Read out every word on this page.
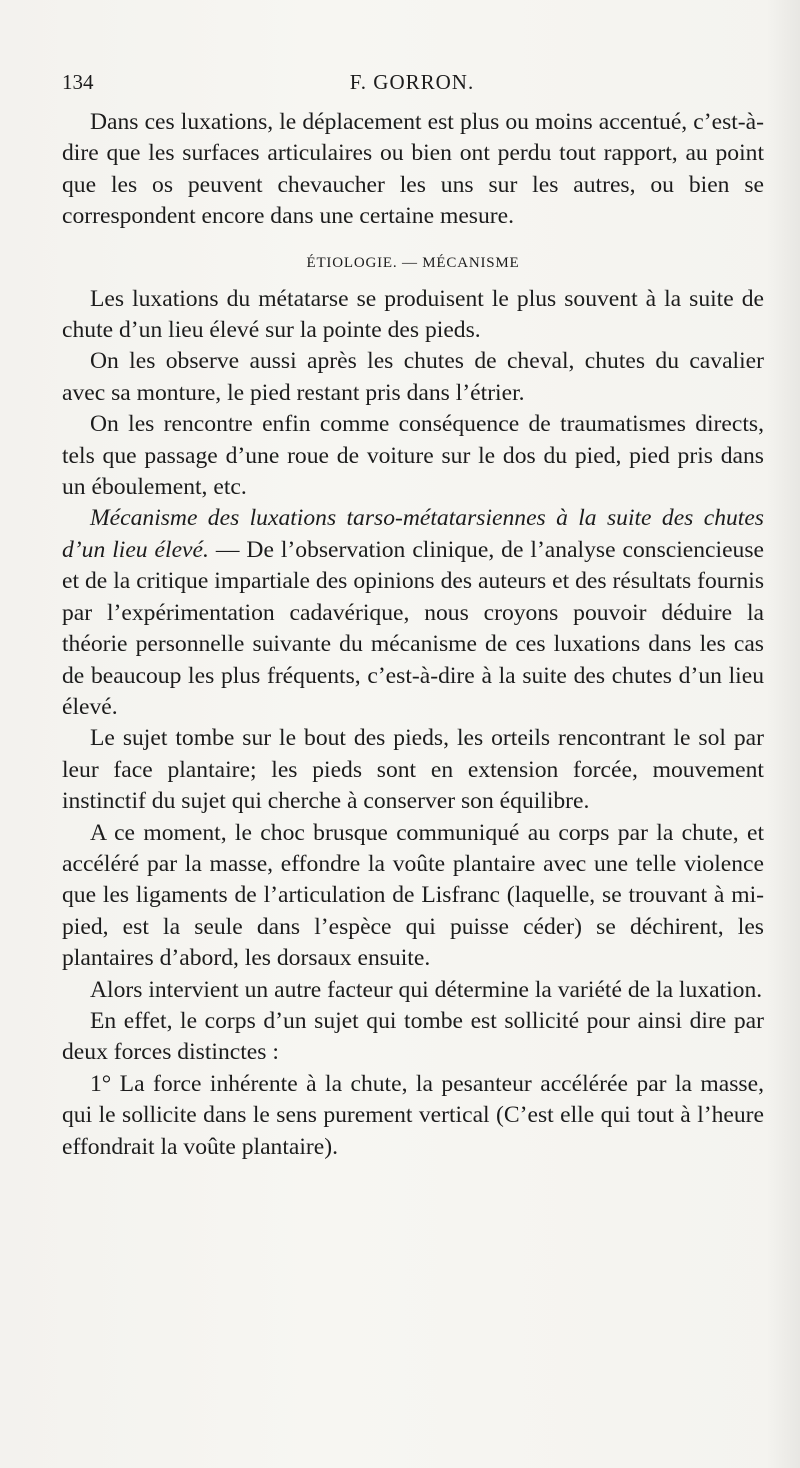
134	F. GORRON.

Dans ces luxations, le déplacement est plus ou moins accentué, c’est-à-dire que les surfaces articulaires ou bien ont perdu tout rapport, au point que les os peuvent chevaucher les uns sur les autres, ou bien se correspondent encore dans une certaine mesure.

ÉTIOLOGIE. — MÉCANISME

Les luxations du métatarse se produisent le plus souvent à la suite de chute d’un lieu élevé sur la pointe des pieds.

On les observe aussi après les chutes de cheval, chutes du cavalier avec sa monture, le pied restant pris dans l’étrier.

On les rencontre enfin comme conséquence de traumatismes directs, tels que passage d’une roue de voiture sur le dos du pied, pied pris dans un éboulement, etc.

Mécanisme des luxations tarso-métatarsiennes à la suite des chutes d’un lieu élevé. — De l’observation clinique, de l’analyse consciencieuse et de la critique impartiale des opinions des auteurs et des résultats fournis par l’expérimentation cadavérique, nous croyons pouvoir déduire la théorie personnelle suivante du mécanisme de ces luxations dans les cas de beaucoup les plus fréquents, c’est-à-dire à la suite des chutes d’un lieu élevé.

Le sujet tombe sur le bout des pieds, les orteils rencontrant le sol par leur face plantaire; les pieds sont en extension forcée, mouvement instinctif du sujet qui cherche à conserver son équilibre.

A ce moment, le choc brusque communiqué au corps par la chute, et accéléré par la masse, effondre la voûte plantaire avec une telle violence que les ligaments de l’articulation de Lisfranc (laquelle, se trouvant à mi-pied, est la seule dans l’espèce qui puisse céder) se déchirent, les plantaires d’abord, les dorsaux ensuite.

Alors intervient un autre facteur qui détermine la variété de la luxation.

En effet, le corps d’un sujet qui tombe est sollicité pour ainsi dire par deux forces distinctes :

1° La force inhérente à la chute, la pesanteur accélérée par la masse, qui le sollicite dans le sens purement vertical (C’est elle qui tout à l’heure effondrait la voûte plantaire).
